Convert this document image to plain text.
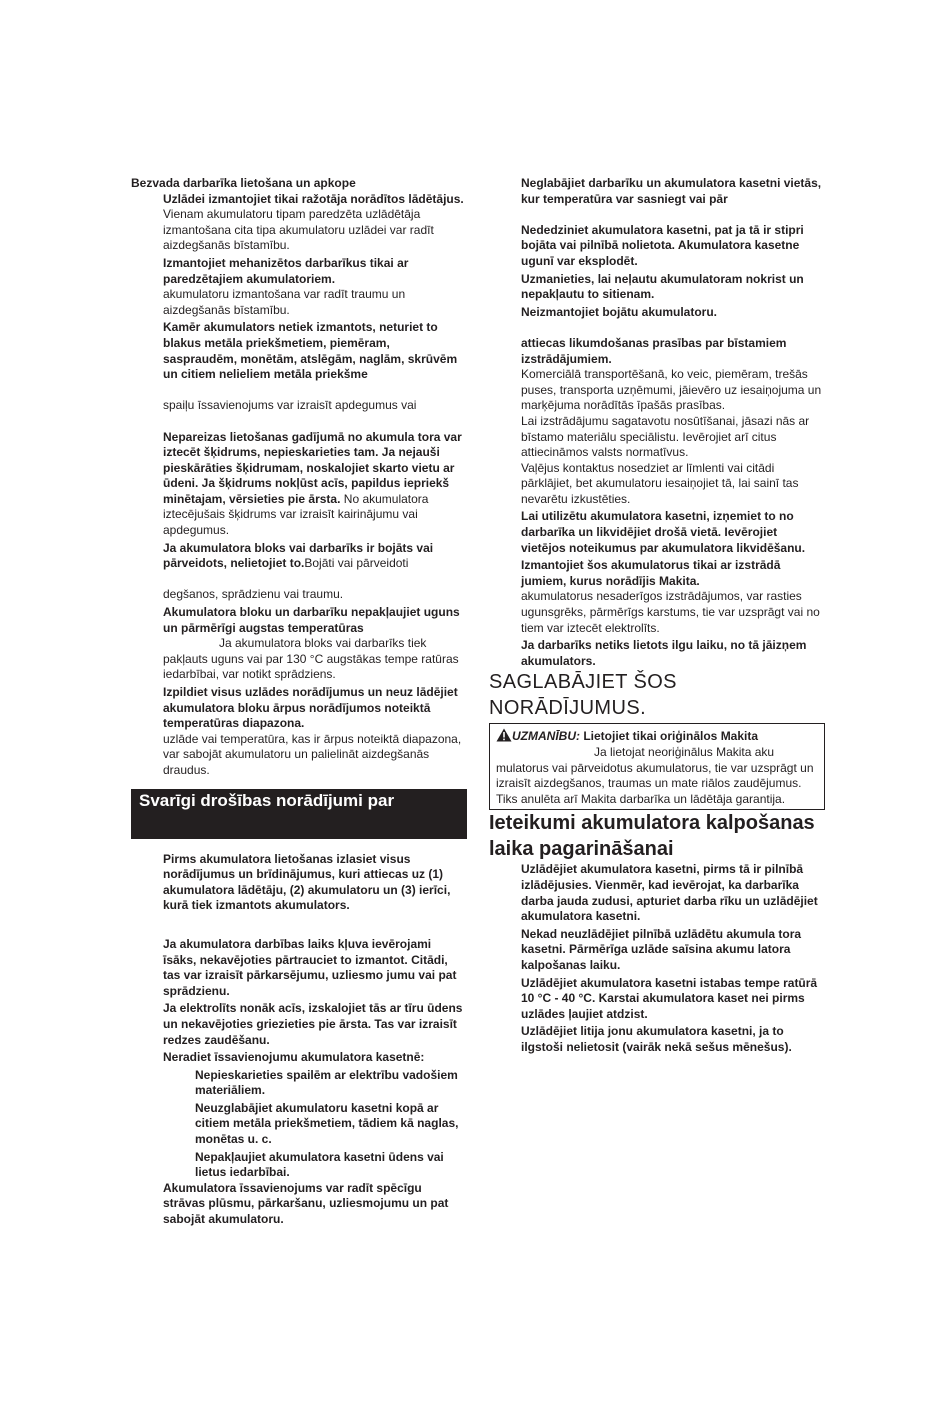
Bezvada darbarīka lietošana un apkope

Uzlādei izmantojiet tikai ražotāja norādītos lādētājus. Vienam akumulatoru tipam paredzēta uzlādētāja izmantošana cita tipa akumulatoru uzlādei var radīt aizdegšanās bīstamību.

Izmantojiet mehanizētos darbarīkus tikai ar paredzētajiem akumulatoriem.
akumulatoru izmantošana var radīt traumu un aizdegšanās bīstamību.

Kamēr akumulators netiek izmantots, neturiet to blakus metāla priekšmetiem, piemēram, saspraudēm, monētām, atslēgām, naglām, skrūvēm un citiem nelieliem metāla priekšme

spaiļu īssavienojums var izraisīt apdegumus vai

Nepareizas lietošanas gadījumā no akumula tora var iztecēt šķidrums, nepieskarieties tam. Ja nejauši pieskārāties šķidrumam, noskalojiet skarto vietu ar ūdeni. Ja šķidrums nokļūst acīs, papildus iepriekš minētajam, vērsieties pie ārsta. No akumulatora iztecējušais šķidrums var izraisīt kairinājumu vai apdegumus.

Ja akumulatora bloks vai darbarīks ir bojāts vai pārveidots, nelietojiet to.Bojāti vai pārveidoti

degšanos, sprādzienu vai traumu.

Akumulatora bloku un darbarīku nepakļaujiet uguns un pārmērīgi augstas temperatūras
Ja akumulatora bloks vai darbarīks tiek pakļauts uguns vai par 130 °C augstākas tempe ratūras iedarbībai, var notikt sprādziens.

Izpildiet visus uzlādes norādījumus un neuz lādējiet akumulatora bloku ārpus norādījumos noteiktā temperatūras diapazona.
uzlāde vai temperatūra, kas ir ārpus noteiktā diapazona, var sabojāt akumulatoru un palielināt aizdegšanās draudus.

Svarīgi drošības norādījumi par

Pirms akumulatora lietošanas izlasiet visus norādījumus un brīdinājumus, kuri attiecas uz (1) akumulatora lādētāju, (2) akumulatoru un (3) ierīci, kurā tiek izmantots akumulators.

Ja akumulatora darbības laiks kļuva ievērojami īsāks, nekavējoties pārtrauciet to izmantot. Citādi, tas var izraisīt pārkarsējumu, uzliesmo jumu vai pat sprādzienu.

Ja elektrolīts nonāk acīs, izskalojiet tās ar tīru ūdens un nekavējoties griezieties pie ārsta. Tas var izraisīt redzes zaudēšanu.

Neradiet īssavienojumu akumulatora kasetnē:

Nepieskarieties spailēm ar elektrību vadošiem materiāliem.

Neuzglabājiet akumulatoru kasetni kopā ar citiem metāla priekšmetiem, tādiem kā naglas, monētas u. c.

Nepakļaujiet akumulatora kasetni ūdens vai lietus iedarbībai.

Akumulatora īssavienojums var radīt spēcīgu strāvas plūsmu, pārkaršanu, uzliesmojumu un pat sabojāt akumulatoru.

Neglabājiet darbarīku un akumulatora kasetni vietās, kur temperatūra var sasniegt vai pār

Nededziniet akumulatora kasetni, pat ja tā ir stipri bojāta vai pilnībā nolietota. Akumulatora kasetne ugunī var eksplodēt.

Uzmanieties, lai neļautu akumulatoram nokrist un nepakļautu to sitienam.

Neizmantojiet bojātu akumulatoru.

attiecas likumdošanas prasības par bīstamiem izstrādājumiem.

Komerciālā transportēšanā, ko veic, piemēram, trešās puses, transporta uzņēmumi, jāievēro uz iesaiņojuma un marķējuma norādītās īpašās prasības.

Lai izstrādājumu sagatavotu nosūtīšanai, jāsazi nās ar bīstamo materiālu speciālistu. Ievērojiet arī citus attiecināmos valsts normatīvus.

Vaļējus kontaktus nosedziet ar līmlenti vai citādi pārklājiet, bet akumulatoru iesaiņojiet tā, lai sainī tas nevarētu izkustēties.

Lai utilizētu akumulatora kasetni, izņemiet to no darbarīka un likvidējiet drošā vietā. Ievērojiet vietējos noteikumus par akumulatora likvidēšanu.

Izmantojiet šos akumulatorus tikai ar izstrādā jumiem, kurus norādījis Makita.
akumulatorus nesaderīgos izstrādājumos, var rasties ugunsgrēks, pārmērīgs karstums, tie var uzsprāgt vai no tiem var iztecēt elektrolīts.

Ja darbarīks netiks lietots ilgu laiku, no tā jāizņem akumulators.

SAGLABĀJIET ŠOS NORĀDĪJUMUS.

UZMANĪBU: Lietojiet tikai oriģinālos Makita
Ja lietojat neoriģinālus Makita aku mulatorus vai pārveidotus akumulatorus, tie var uzsprāgt un izraisīt aizdegšanos, traumas un mate riālos zaudējumus. Tiks anulēta arī Makita darbarīka un lādētāja garantija.

Ieteikumi akumulatora kalpošanas laika pagarināšanai

Uzlādējiet akumulatora kasetni, pirms tā ir pilnībā izlādējusies. Vienmēr, kad ievērojat, ka darbarīka darba jauda zudusi, apturiet darba rīku un uzlādējiet akumulatora kasetni.

Nekad neuzlādējiet pilnībā uzlādētu akumula tora kasetni. Pārmērīga uzlāde saīsina akumu latora kalpošanas laiku.

Uzlādējiet akumulatora kasetni istabas tempe ratūrā 10 °C - 40 °C. Karstai akumulatora kaset nei pirms uzlādes ļaujiet atdzist.

Uzlādējiet litija jonu akumulatora kasetni, ja to ilgstoši nelietosit (vairāk nekā sešus mēnešus).
